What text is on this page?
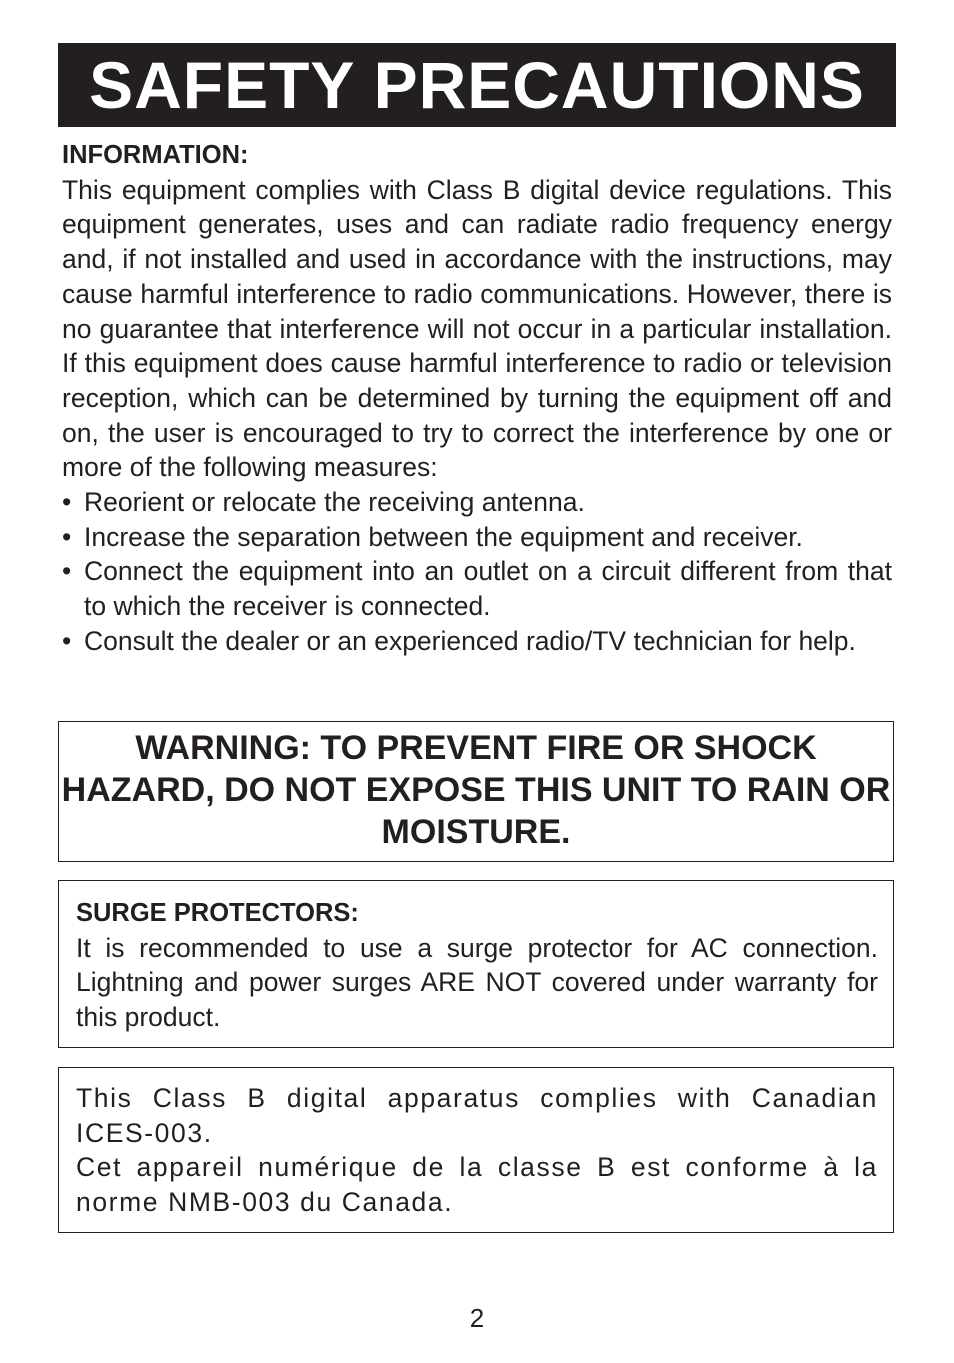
SAFETY PRECAUTIONS
INFORMATION:
This equipment complies with Class B digital device regulations. This equipment generates, uses and can radiate radio frequency energy and, if not installed and used in accordance with the instructions, may cause harmful interference to radio communications. However, there is no guarantee that interference will not occur in a particular installation. If this equipment does cause harmful interference to radio or television reception, which can be determined by turning the equipment off and on, the user is encouraged to try to correct the interference by one or more of the following measures:
• Reorient or relocate the receiving antenna.
• Increase the separation between the equipment and receiver.
• Connect the equipment into an outlet on a circuit different from that to which the receiver is connected.
• Consult the dealer or an experienced radio/TV technician for help.
WARNING: TO PREVENT FIRE OR SHOCK HAZARD, DO NOT EXPOSE THIS UNIT TO RAIN OR MOISTURE.
SURGE PROTECTORS:
It is recommended to use a surge protector for AC connection. Lightning and power surges ARE NOT covered under warranty for this product.

This Class B digital apparatus complies with Canadian ICES-003.

Cet appareil numérique de la classe B est conforme à la norme NMB-003 du Canada.

2
